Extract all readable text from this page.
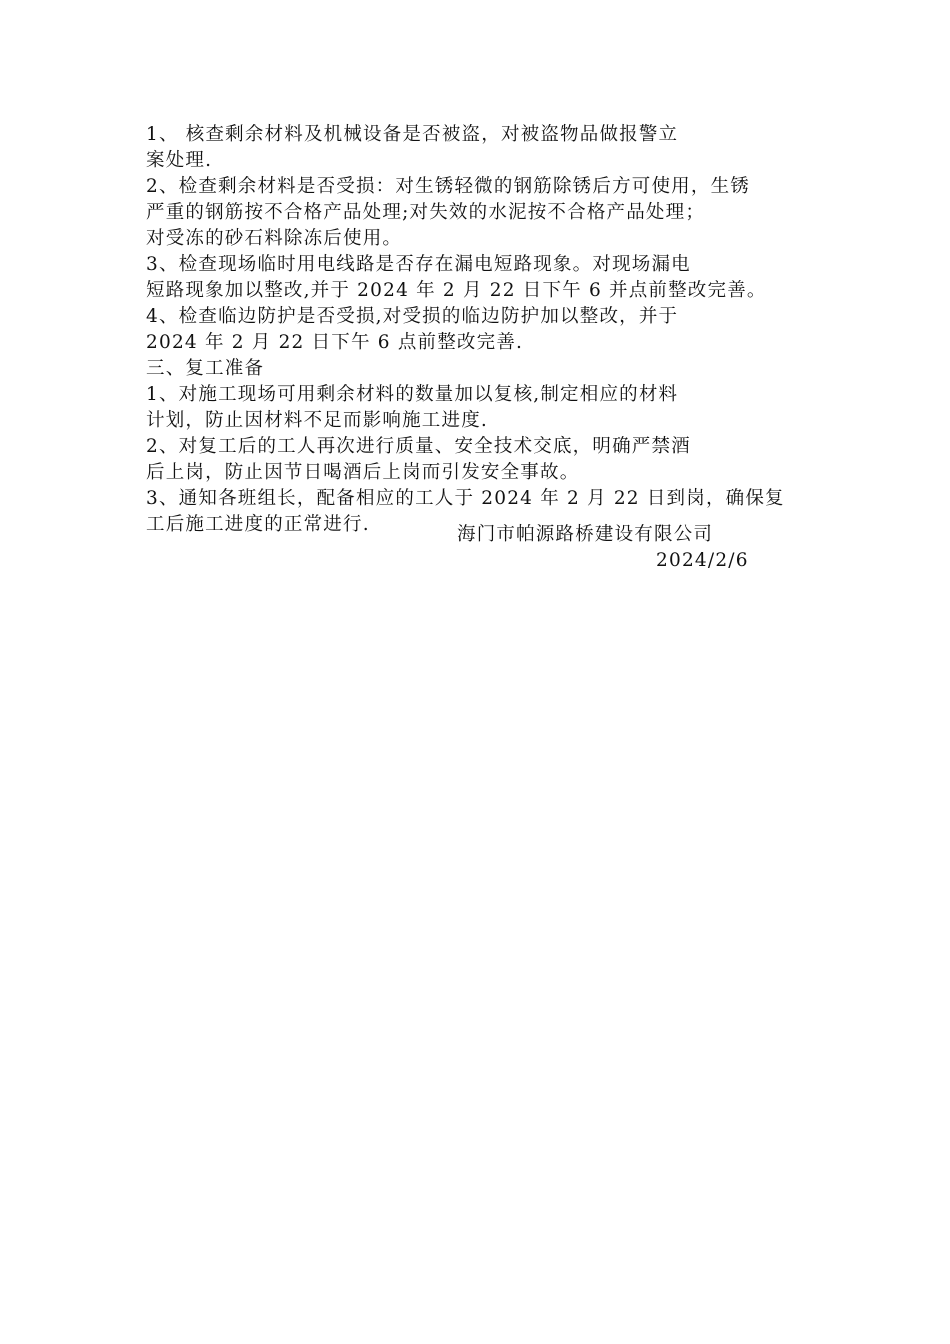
1、 核查剩余材料及机械设备是否被盗，对被盗物品做报警立
案处理.
2、检查剩余材料是否受损：对生锈轻微的钢筋除锈后方可使用，生锈
严重的钢筋按不合格产品处理;对失效的水泥按不合格产品处理；
对受冻的砂石料除冻后使用。
3、检查现场临时用电线路是否存在漏电短路现象。对现场漏电
短路现象加以整改,并于 2024 年 2 月 22 日下午 6 并点前整改完善。
4、检查临边防护是否受损,对受损的临边防护加以整改，并于
2024 年 2 月 22 日下午 6 点前整改完善.
三、复工准备
1、对施工现场可用剩余材料的数量加以复核,制定相应的材料
计划，防止因材料不足而影响施工进度.
2、对复工后的工人再次进行质量、安全技术交底，明确严禁酒
后上岗，防止因节日喝酒后上岗而引发安全事故。
3、通知各班组长，配备相应的工人于 2024 年 2 月 22 日到岗，确保复
工后施工进度的正常进行.	海门市帕源路桥建设有限公司
2024/2/6
